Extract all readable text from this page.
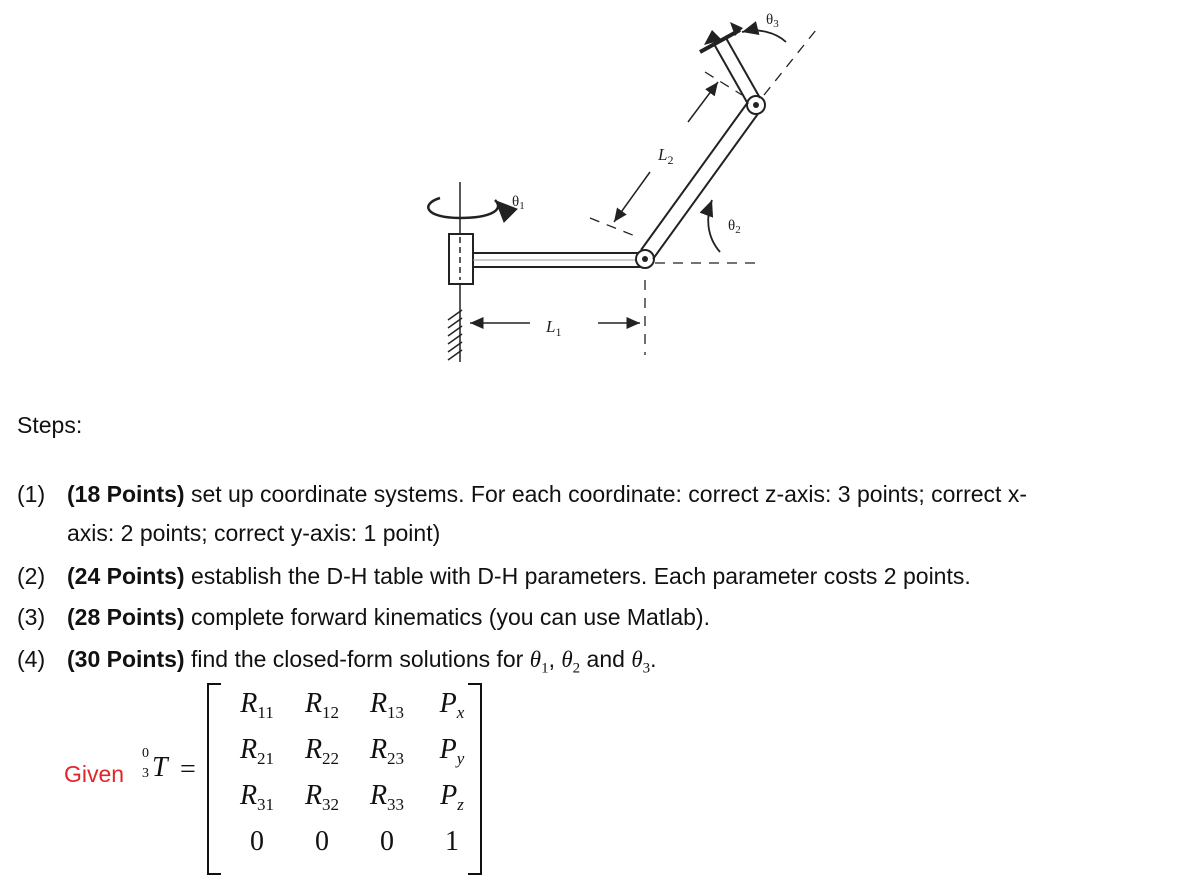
$\theta_1$
$\theta_2$
$\theta_3$
$L_1$
$L_2$
Steps:
(1) (18 Points) set up coordinate systems. For each coordinate: correct z-axis: 3 points; correct x-
axis: 2 points; correct y-axis: 1 point)
(2) (24 Points) establish the D-H table with D-H parameters. Each parameter costs 2 points.
(3) (28 Points) complete forward kinematics (you can use Matlab).
(4) (30 Points) find the closed-form solutions for $\theta_1$, $\theta_2$ and $\theta_3$.
Given
0
3 T =
$R_{11}$	$R_{12}$	$R_{13}$	$P_x$
$R_{21}$	$R_{22}$	$R_{23}$	$P_y$
$R_{31}$	$R_{32}$	$R_{33}$	$P_z$
0	0	0	1
